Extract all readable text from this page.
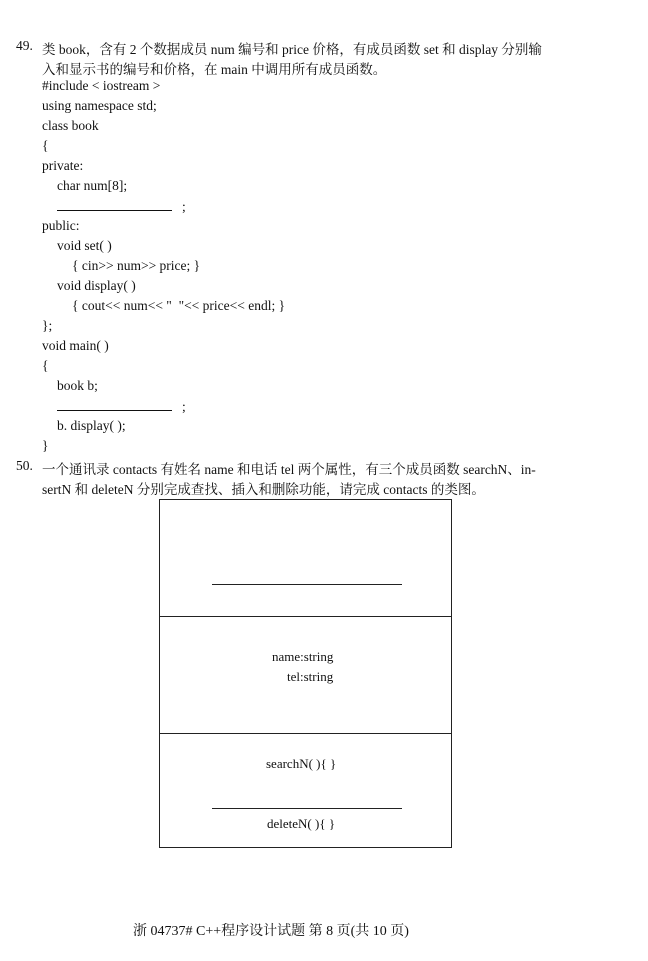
49. 类 book，含有 2 个数据成员 num 编号和 price 价格，有成员函数 set 和 display 分别输
入和显示书的编号和价格，在 main 中调用所有成员函数。
#include < iostream >
using namespace std;
class book
{
private:
char num[8];
;
public:
void set( )
{ cin>> num>> price; }
void display( )
{ cout<< num<< "  "<< price<< endl; }
};
void main( )
{
book b;
;
b. display( );
}
50. 一个通讯录 contacts 有姓名 name 和电话 tel 两个属性，有三个成员函数 searchN、in-
sertN 和 deleteN 分别完成查找、插入和删除功能，请完成 contacts 的类图。
name:string
tel:string
searchN( ){ }
deleteN( ){ }
浙 04737# C++程序设计试题 第 8 页(共 10 页)
